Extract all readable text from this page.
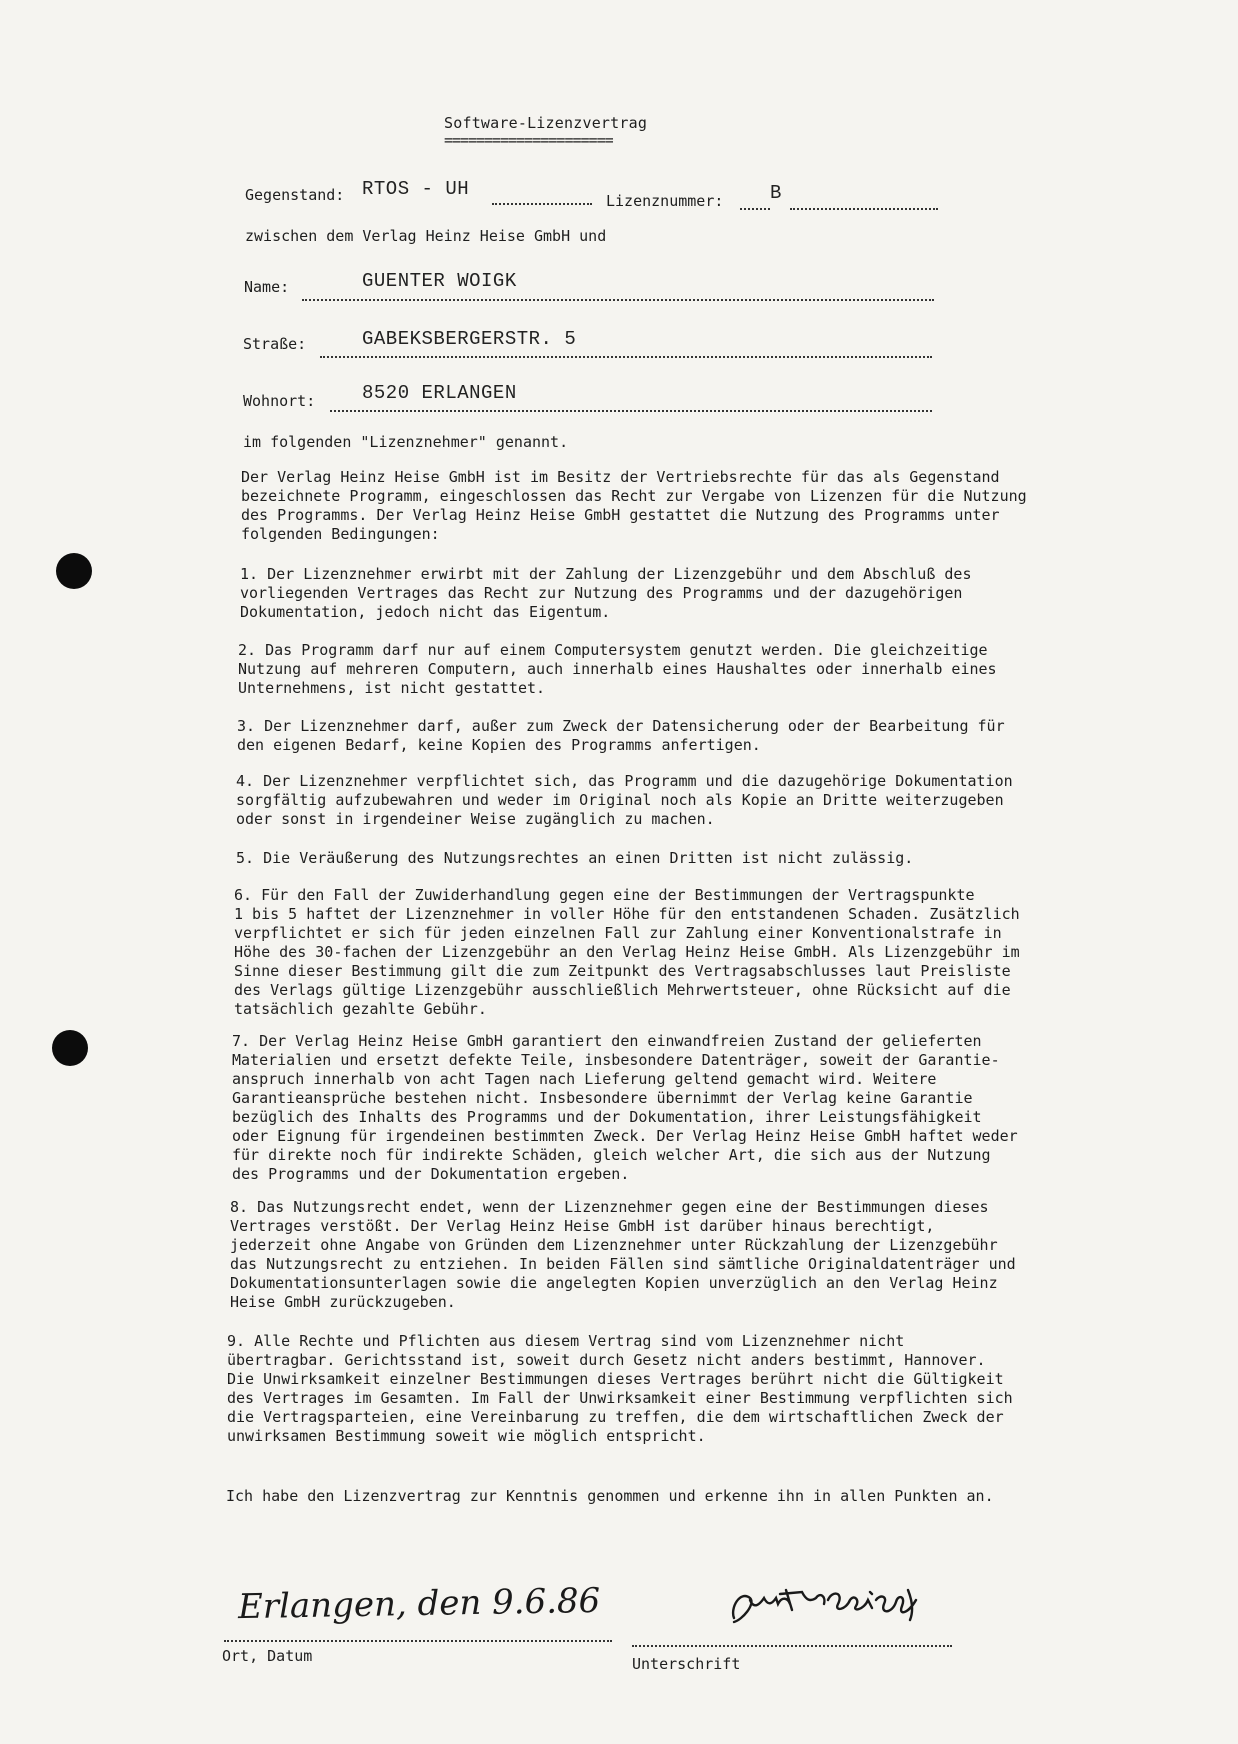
Software-Lizenzvertrag
=====================
Gegenstand: RTOS - UH
Lizenznummer: B
zwischen dem Verlag Heinz Heise GmbH und
Name:	GUENTER WOIGK
Straße:	GABEKSBERGERSTR. 5
Wohnort: 8520 ERLANGEN
im folgenden "Lizenznehmer" genannt.
Der Verlag Heinz Heise GmbH ist im Besitz der Vertriebsrechte für das als Gegenstand
bezeichnete Programm, eingeschlossen das Recht zur Vergabe von Lizenzen für die Nutzung
des Programms. Der Verlag Heinz Heise GmbH gestattet die Nutzung des Programms unter
folgenden Bedingungen:
1. Der Lizenznehmer erwirbt mit der Zahlung der Lizenzgebühr und dem Abschluß des
vorliegenden Vertrages das Recht zur Nutzung des Programms und der dazugehörigen
Dokumentation, jedoch nicht das Eigentum.
2. Das Programm darf nur auf einem Computersystem genutzt werden. Die gleichzeitige
Nutzung auf mehreren Computern, auch innerhalb eines Haushaltes oder innerhalb eines
Unternehmens, ist nicht gestattet.
3. Der Lizenznehmer darf, außer zum Zweck der Datensicherung oder der Bearbeitung für
den eigenen Bedarf, keine Kopien des Programms anfertigen.
4. Der Lizenznehmer verpflichtet sich, das Programm und die dazugehörige Dokumentation
sorgfältig aufzubewahren und weder im Original noch als Kopie an Dritte weiterzugeben
oder sonst in irgendeiner Weise zugänglich zu machen.
5. Die Veräußerung des Nutzungsrechtes an einen Dritten ist nicht zulässig.
6. Für den Fall der Zuwiderhandlung gegen eine der Bestimmungen der Vertragspunkte
1 bis 5 haftet der Lizenznehmer in voller Höhe für den entstandenen Schaden. Zusätzlich
verpflichtet er sich für jeden einzelnen Fall zur Zahlung einer Konventionalstrafe in
Höhe des 30-fachen der Lizenzgebühr an den Verlag Heinz Heise GmbH. Als Lizenzgebühr im
Sinne dieser Bestimmung gilt die zum Zeitpunkt des Vertragsabschlusses laut Preisliste
des Verlags gültige Lizenzgebühr ausschließlich Mehrwertsteuer, ohne Rücksicht auf die
tatsächlich gezahlte Gebühr.
7. Der Verlag Heinz Heise GmbH garantiert den einwandfreien Zustand der gelieferten
Materialien und ersetzt defekte Teile, insbesondere Datenträger, soweit der Garantie-
anspruch innerhalb von acht Tagen nach Lieferung geltend gemacht wird. Weitere
Garantieansprüche bestehen nicht. Insbesondere übernimmt der Verlag keine Garantie
bezüglich des Inhalts des Programms und der Dokumentation, ihrer Leistungsfähigkeit
oder Eignung für irgendeinen bestimmten Zweck. Der Verlag Heinz Heise GmbH haftet weder
für direkte noch für indirekte Schäden, gleich welcher Art, die sich aus der Nutzung
des Programms und der Dokumentation ergeben.
8. Das Nutzungsrecht endet, wenn der Lizenznehmer gegen eine der Bestimmungen dieses
Vertrages verstößt. Der Verlag Heinz Heise GmbH ist darüber hinaus berechtigt,
jederzeit ohne Angabe von Gründen dem Lizenznehmer unter Rückzahlung der Lizenzgebühr
das Nutzungsrecht zu entziehen. In beiden Fällen sind sämtliche Originaldatenträger und
Dokumentationsunterlagen sowie die angelegten Kopien unverzüglich an den Verlag Heinz
Heise GmbH zurückzugeben.
9. Alle Rechte und Pflichten aus diesem Vertrag sind vom Lizenznehmer nicht
übertragbar. Gerichtsstand ist, soweit durch Gesetz nicht anders bestimmt, Hannover.
Die Unwirksamkeit einzelner Bestimmungen dieses Vertrages berührt nicht die Gültigkeit
des Vertrages im Gesamten. Im Fall der Unwirksamkeit einer Bestimmung verpflichten sich
die Vertragsparteien, eine Vereinbarung zu treffen, die dem wirtschaftlichen Zweck der
unwirksamen Bestimmung soweit wie möglich entspricht.
Ich habe den Lizenzvertrag zur Kenntnis genommen und erkenne ihn in allen Punkten an.
Erlangen, den 9.6.86
Ort, Datum	Unterschrift
